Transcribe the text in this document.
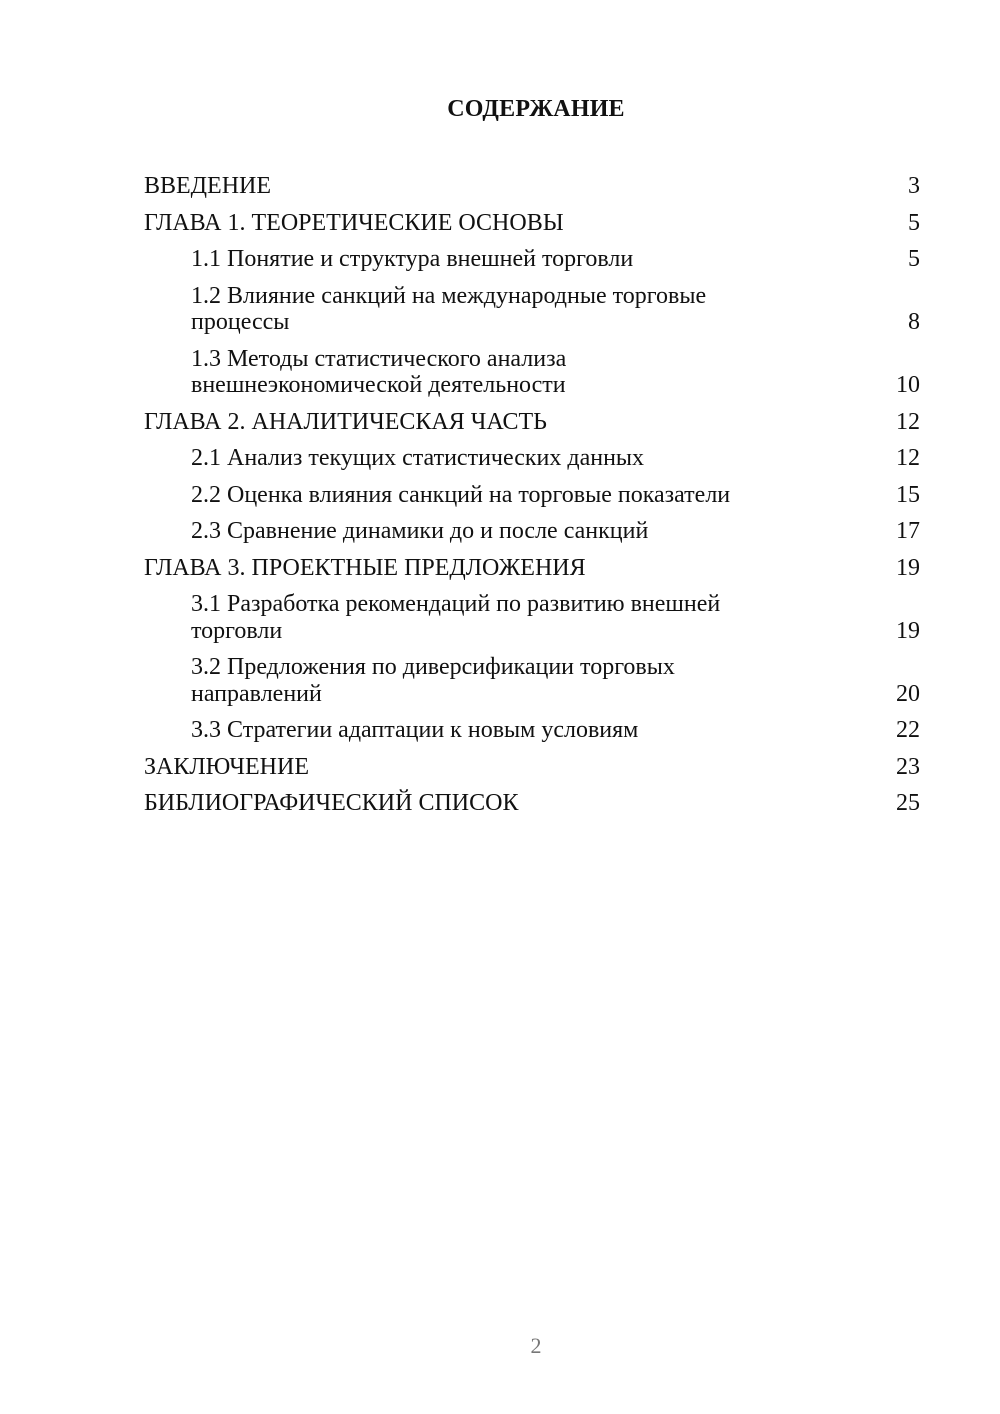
СОДЕРЖАНИЕ
ВВЕДЕНИЕ	3
ГЛАВА 1. ТЕОРЕТИЧЕСКИЕ ОСНОВЫ	5
1.1 Понятие и структура внешней торговли	5
1.2 Влияние санкций на международные торговые процессы	8
1.3 Методы статистического анализа внешнеэкономической деятельности	10
ГЛАВА 2. АНАЛИТИЧЕСКАЯ ЧАСТЬ	12
2.1 Анализ текущих статистических данных	12
2.2 Оценка влияния санкций на торговые показатели	15
2.3 Сравнение динамики до и после санкций	17
ГЛАВА 3. ПРОЕКТНЫЕ ПРЕДЛОЖЕНИЯ	19
3.1 Разработка рекомендаций по развитию внешней торговли	19
3.2 Предложения по диверсификации торговых направлений	20
3.3 Стратегии адаптации к новым условиям	22
ЗАКЛЮЧЕНИЕ	23
БИБЛИОГРАФИЧЕСКИЙ СПИСОК	25
2
